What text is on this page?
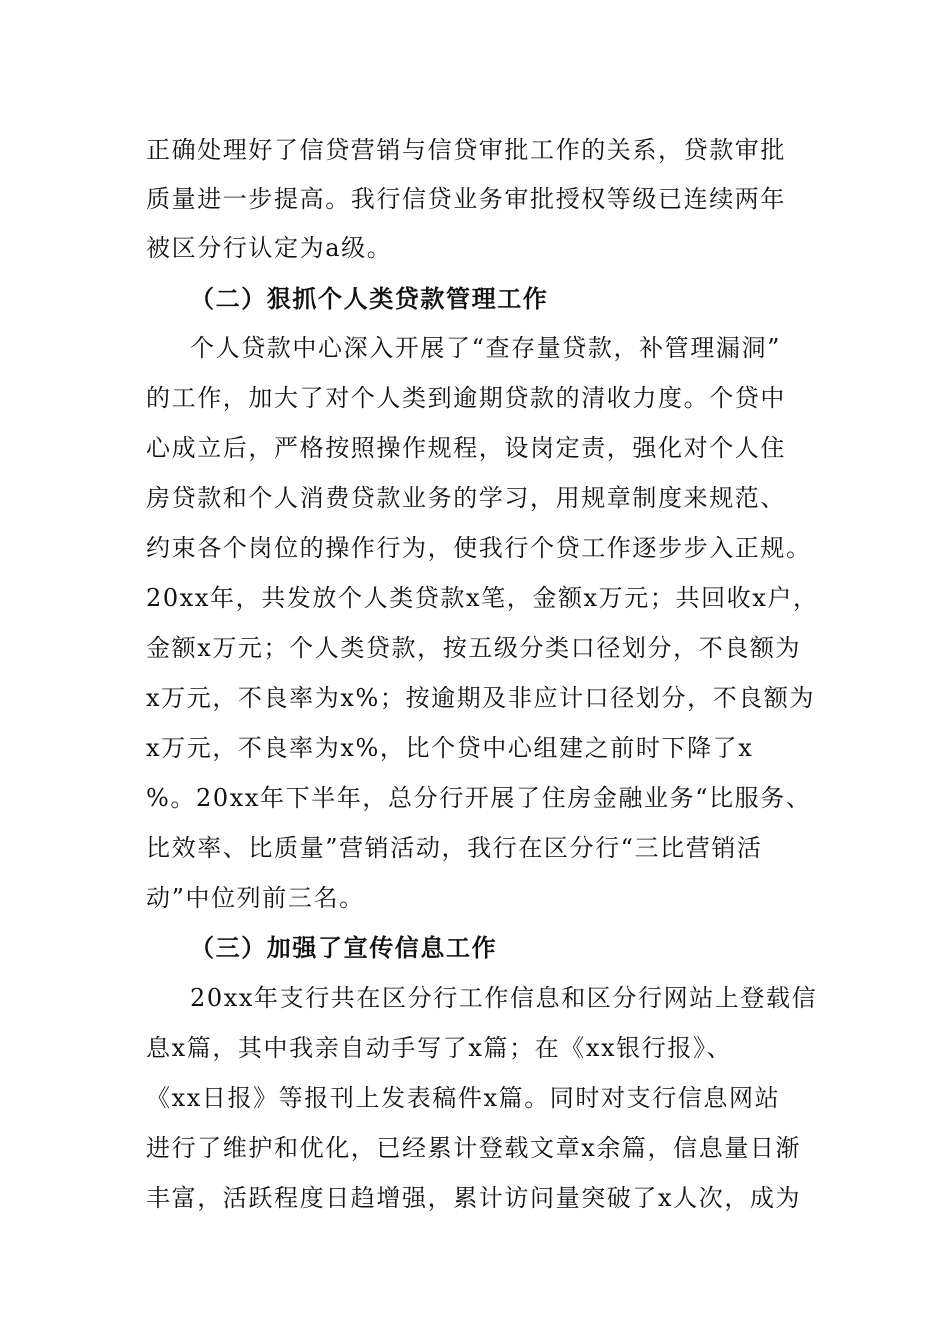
正确处理好了信贷营销与信贷审批工作的关系，贷款审批
质量进一步提高。我行信贷业务审批授权等级已连续两年
被区分行认定为a级。
（二）狠抓个人类贷款管理工作
个人贷款中心深入开展了“查存量贷款，补管理漏洞”
的工作，加大了对个人类到逾期贷款的清收力度。个贷中
心成立后，严格按照操作规程，设岗定责，强化对个人住
房贷款和个人消费贷款业务的学习，用规章制度来规范、
约束各个岗位的操作行为，使我行个贷工作逐步步入正规。
20xx年，共发放个人类贷款x笔，金额x万元；共回收x户，
金额x万元；个人类贷款，按五级分类口径划分，不良额为
x万元，不良率为x%；按逾期及非应计口径划分，不良额为
x万元，不良率为x%，比个贷中心组建之前时下降了x
%。20xx年下半年，总分行开展了住房金融业务“比服务、
比效率、比质量”营销活动，我行在区分行“三比营销活
动”中位列前三名。
（三）加强了宣传信息工作
20xx年支行共在区分行工作信息和区分行网站上登载信
息x篇，其中我亲自动手写了x篇；在《xx银行报》、
《xx日报》等报刊上发表稿件x篇。同时对支行信息网站
进行了维护和优化，已经累计登载文章x余篇，信息量日渐
丰富，活跃程度日趋增强，累计访问量突破了x人次，成为
